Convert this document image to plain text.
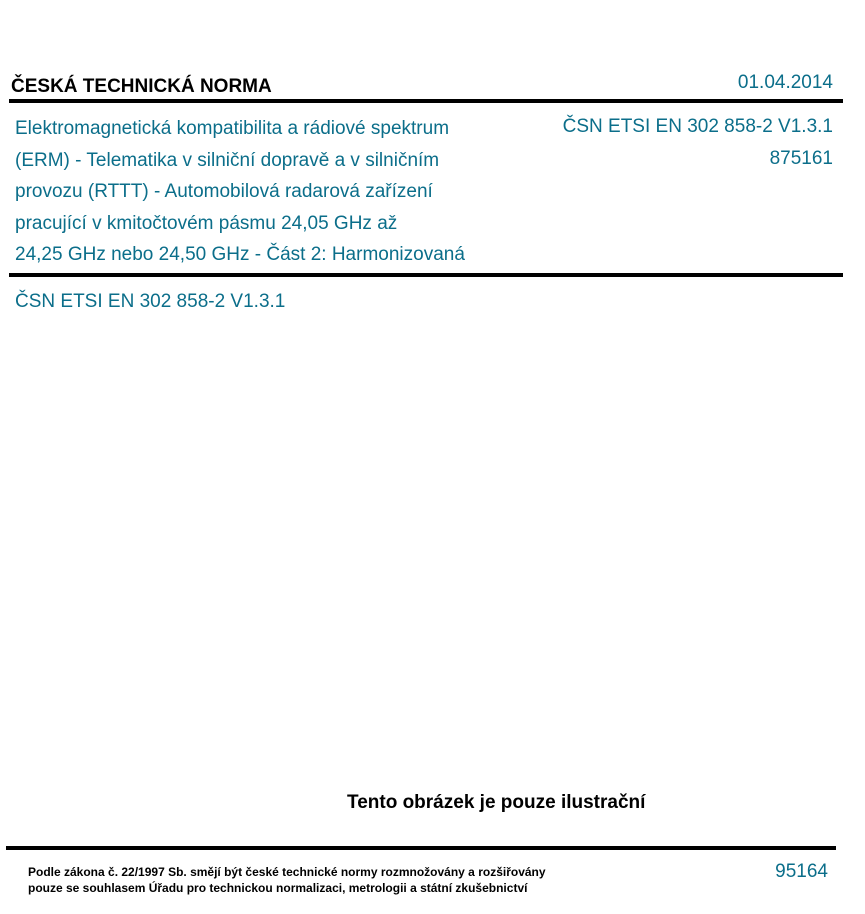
ČESKÁ TECHNICKÁ NORMA	01.04.2014
Elektromagnetická kompatibilita a rádiové spektrum
(ERM) - Telematika v silniční dopravě a v silničním
provozu (RTTT) - Automobilová radarová zařízení
pracující v kmitočtovém pásmu 24,05 GHz až
24,25 GHz nebo 24,50 GHz - Část 2: Harmonizovaná
ČSN ETSI EN 302 858-2 V1.3.1
875161
ČSN ETSI EN 302 858-2 V1.3.1
Tento obrázek je pouze ilustrační
Podle zákona č. 22/1997 Sb. smějí být české technické normy rozmnožovány a rozšiřovány
pouze se souhlasem Úřadu pro technickou normalizaci, metrologii a státní zkušebnictví
95164
